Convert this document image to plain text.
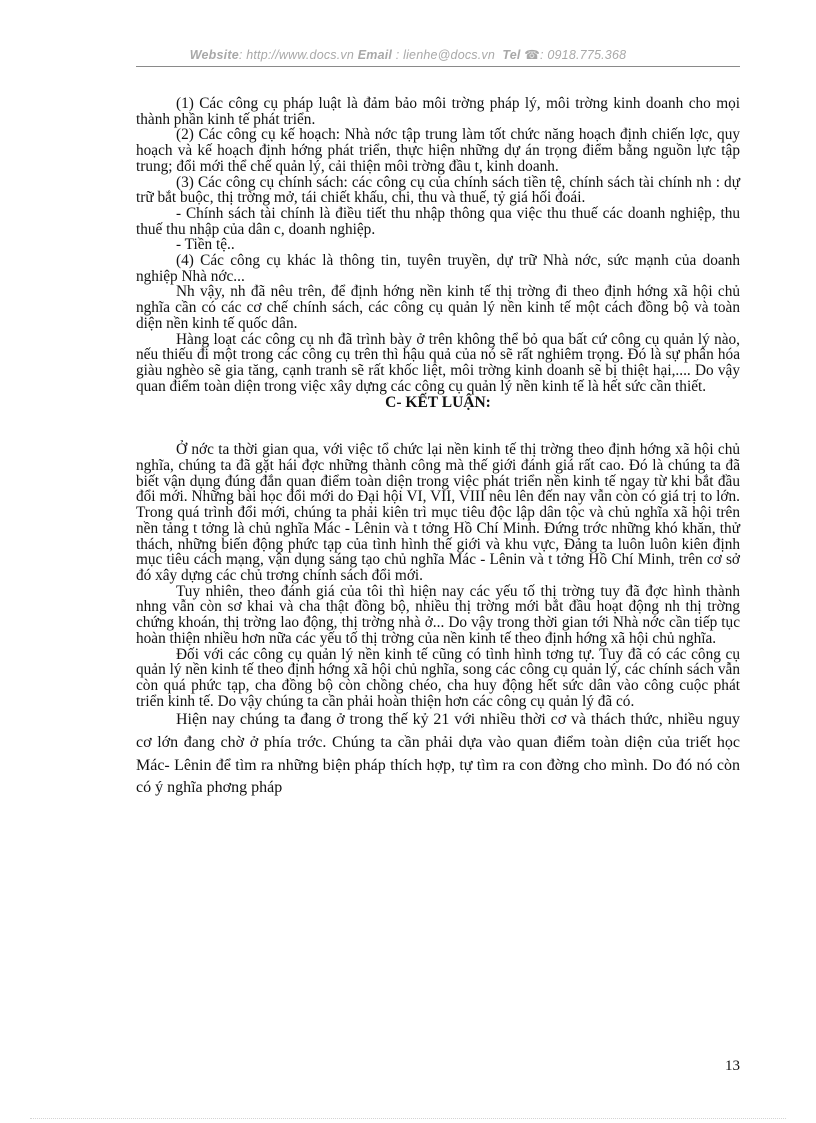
Website: http://www.docs.vn Email : lienhe@docs.vn Tel ☎: 0918.775.368

(1) Các công cụ pháp luật là đảm bảo môi trờng pháp lý, môi trờng kinh doanh cho mọi thành phần kinh tế phát triển.

(2) Các công cụ kế hoạch: Nhà nớc tập trung làm tốt chức năng hoạch định chiến lợc, quy hoạch và kế hoạch định hớng phát triển, thực hiện những dự án trọng điểm bằng nguồn lực tập trung; đổi mới thể chế quản lý, cải thiện môi trờng đầu t, kinh doanh.

(3) Các công cụ chính sách: các công cụ của chính sách tiền tệ, chính sách tài chính nh : dự trữ bắt buộc, thị trờng mở, tái chiết khấu, chi, thu và thuế, tỷ giá hối đoái.

- Chính sách tài chính là điều tiết thu nhập thông qua việc thu thuế các doanh nghiệp, thu thuế thu nhập của dân c, doanh nghiệp.

- Tiền tệ..

(4) Các công cụ khác là thông tin, tuyên truyền, dự trữ Nhà nớc, sức mạnh của doanh nghiệp Nhà nớc...

Nh vậy, nh đã nêu trên, để định hớng nền kinh tế thị trờng đi theo định hớng xã hội chủ nghĩa cần có các cơ chế chính sách, các công cụ quản lý nền kinh tế một cách đồng bộ và toàn diện nền kinh tế quốc dân.

Hàng loạt các công cụ nh đã trình bày ở trên không thể bỏ qua bất cứ công cụ quản lý nào, nếu thiếu đi một trong các công cụ trên thì hậu quả của nó sẽ rất nghiêm trọng. Đó là sự phân hóa giàu nghèo sẽ gia tăng, cạnh tranh sẽ rất khốc liệt, môi trờng kinh doanh sẽ bị thiệt hại,.... Do vậy quan điểm toàn diện trong việc xây dựng các công cụ quản lý nền kinh tế là hết sức cần thiết.

C- KẾT LUẬN:

Ở nớc ta thời gian qua, với việc tổ chức lại nền kinh tế thị trờng theo định hớng xã hội chủ nghĩa, chúng ta đã gặt hái đợc những thành công mà thế giới đánh giá rất cao. Đó là chúng ta đã biết vận dụng đúng đắn quan điểm toàn diện trong việc phát triển nền kinh tế ngay từ khi bắt đầu đổi mới. Những bài học đổi mới do Đại hội VI, VII, VIII nêu lên đến nay vẫn còn có giá trị to lớn. Trong quá trình đổi mới, chúng ta phải kiên trì mục tiêu độc lập dân tộc và chủ nghĩa xã hội trên nền tảng t tởng là chủ nghĩa Mác - Lênin và t tởng Hồ Chí Minh. Đứng trớc những khó khăn, thử thách, những biến động phức tạp của tình hình thế giới và khu vực, Đảng ta luôn luôn kiên định mục tiêu cách mạng, vận dụng sáng tạo chủ nghĩa Mác - Lênin và t tởng Hồ Chí Minh, trên cơ sở đó xây dựng các chủ trơng chính sách đổi mới.

Tuy nhiên, theo đánh giá của tôi thì hiện nay các yếu tố thị trờng tuy đã đợc hình thành nhng vẫn còn sơ khai và cha thật đồng bộ, nhiều thị trờng mới bắt đầu hoạt động nh thị trờng chứng khoán, thị trờng lao động, thị trờng nhà ở... Do vậy trong thời gian tới Nhà nớc cần tiếp tục hoàn thiện nhiều hơn nữa các yếu tố thị trờng của nền kinh tế theo định hớng xã hội chủ nghĩa.

Đối với các công cụ quản lý nền kinh tế cũng có tình hình tơng tự. Tuy đã có các công cụ quản lý nền kinh tế theo định hớng xã hội chủ nghĩa, song các công cụ quản lý, các chính sách vẫn còn quá phức tạp, cha đồng bộ còn chồng chéo, cha huy động hết sức dân vào công cuộc phát triển kinh tế. Do vậy chúng ta cần phải hoàn thiện hơn các công cụ quản lý đã có.

Hiện nay chúng ta đang ở trong thế kỷ 21 với nhiều thời cơ và thách thức, nhiều nguy cơ lớn đang chờ ở phía trớc. Chúng ta cần phải dựa vào quan điểm toàn diện của triết học Mác- Lênin để tìm ra những biện pháp thích hợp, tự tìm ra con đờng cho mình. Do đó nó còn có ý nghĩa phơng pháp

13
